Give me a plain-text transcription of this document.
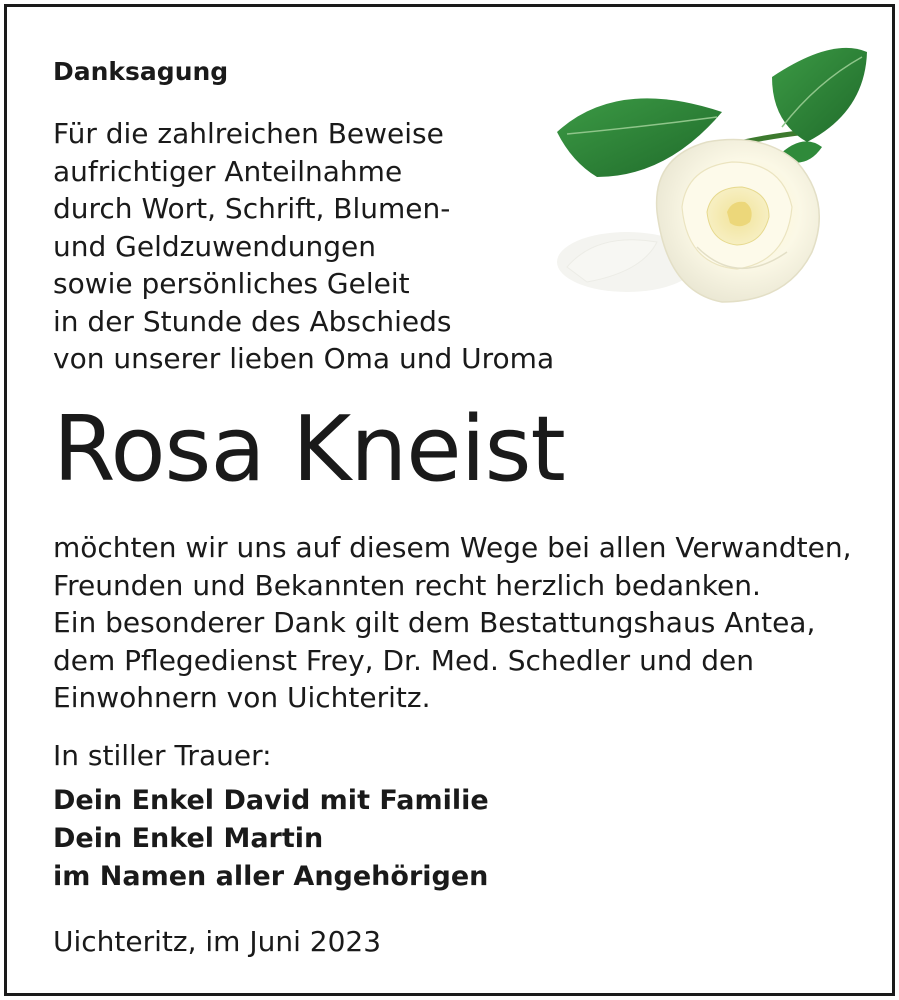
Danksagung
Für die zahlreichen Beweise
aufrichtiger Anteilnahme
durch Wort, Schrift, Blumen-
und Geldzuwendungen
sowie persönliches Geleit
in der Stunde des Abschieds
von unserer lieben Oma und Uroma
Rosa Kneist
möchten wir uns auf diesem Wege bei allen Verwandten,
Freunden und Bekannten recht herzlich bedanken.
Ein besonderer Dank gilt dem Bestattungshaus Antea,
dem Pflegedienst Frey, Dr. Med. Schedler und den
Einwohnern von Uichteritz.

In stiller Trauer:

Dein Enkel David mit Familie
Dein Enkel Martin
im Namen aller Angehörigen

Uichteritz, im Juni 2023
